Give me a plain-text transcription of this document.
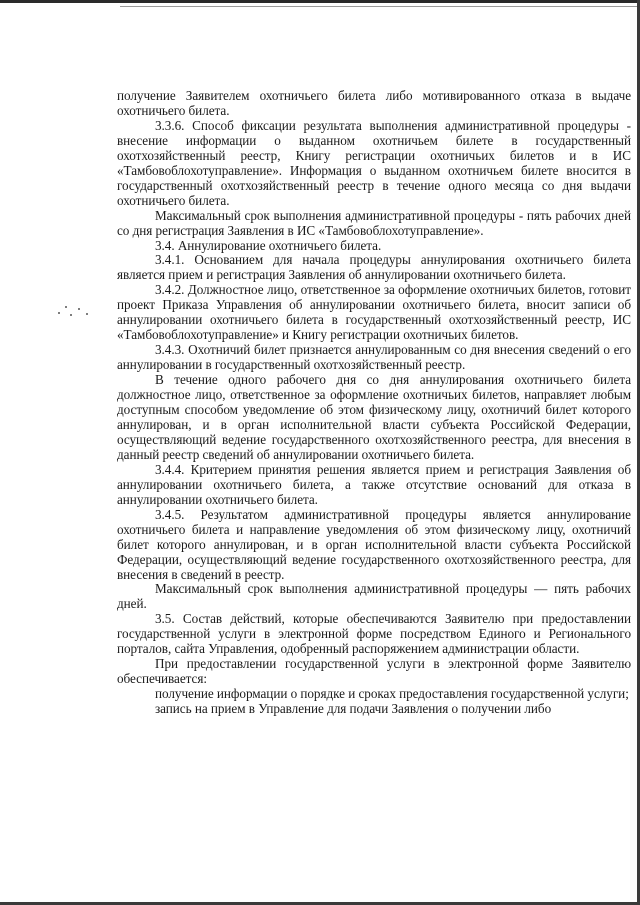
получение Заявителем охотничьего билета либо мотивированного отказа в выдаче охотничьего билета.

3.3.6. Способ фиксации результата выполнения административной процедуры - внесение информации о выданном охотничьем билете в государственный охотхозяйственный реестр, Книгу регистрации охотничьих билетов и в ИС «Тамбовоблохотуправление». Информация о выданном охотничьем билете вносится в государственный охотхозяйственный реестр в течение одного месяца со дня выдачи охотничьего билета.

Максимальный срок выполнения административной процедуры - пять рабочих дней со дня регистрация Заявления в ИС «Тамбовоблохотуправление».

3.4. Аннулирование охотничьего билета.

3.4.1. Основанием для начала процедуры аннулирования охотничьего билета является прием и регистрация Заявления об аннулировании охотничьего билета.

3.4.2. Должностное лицо, ответственное за оформление охотничьих билетов, готовит проект Приказа Управления об аннулировании охотничьего билета, вносит записи об аннулировании охотничьего билета в государственный охотхозяйственный реестр, ИС «Тамбовоблохотуправление» и Книгу регистрации охотничьих билетов.

3.4.3. Охотничий билет признается аннулированным со дня внесения сведений о его аннулировании в государственный охотхозяйственный реестр.

В течение одного рабочего дня со дня аннулирования охотничьего билета должностное лицо, ответственное за оформление охотничьих билетов, направляет любым доступным способом уведомление об этом физическому лицу, охотничий билет которого аннулирован, и в орган исполнительной власти субъекта Российской Федерации, осуществляющий ведение государственного охотхозяйственного реестра, для внесения в данный реестр сведений об аннулировании охотничьего билета.

3.4.4. Критерием принятия решения является прием и регистрация Заявления об аннулировании охотничьего билета, а также отсутствие оснований для отказа в аннулировании охотничьего билета.

3.4.5. Результатом административной процедуры является аннулирование охотничьего билета и направление уведомления об этом физическому лицу, охотничий билет которого аннулирован, и в орган исполнительной власти субъекта Российской Федерации, осуществляющий ведение государственного охотхозяйственного реестра, для внесения в сведений в реестр.

Максимальный срок выполнения административной процедуры — пять рабочих дней.

3.5. Состав действий, которые обеспечиваются Заявителю при предоставлении государственной услуги в электронной форме посредством Единого и Регионального порталов, сайта Управления, одобренный распоряжением администрации области.

При предоставлении государственной услуги в электронной форме Заявителю обеспечивается:

получение информации о порядке и сроках предоставления государственной услуги;

запись на прием в Управление для подачи Заявления о получении либо
